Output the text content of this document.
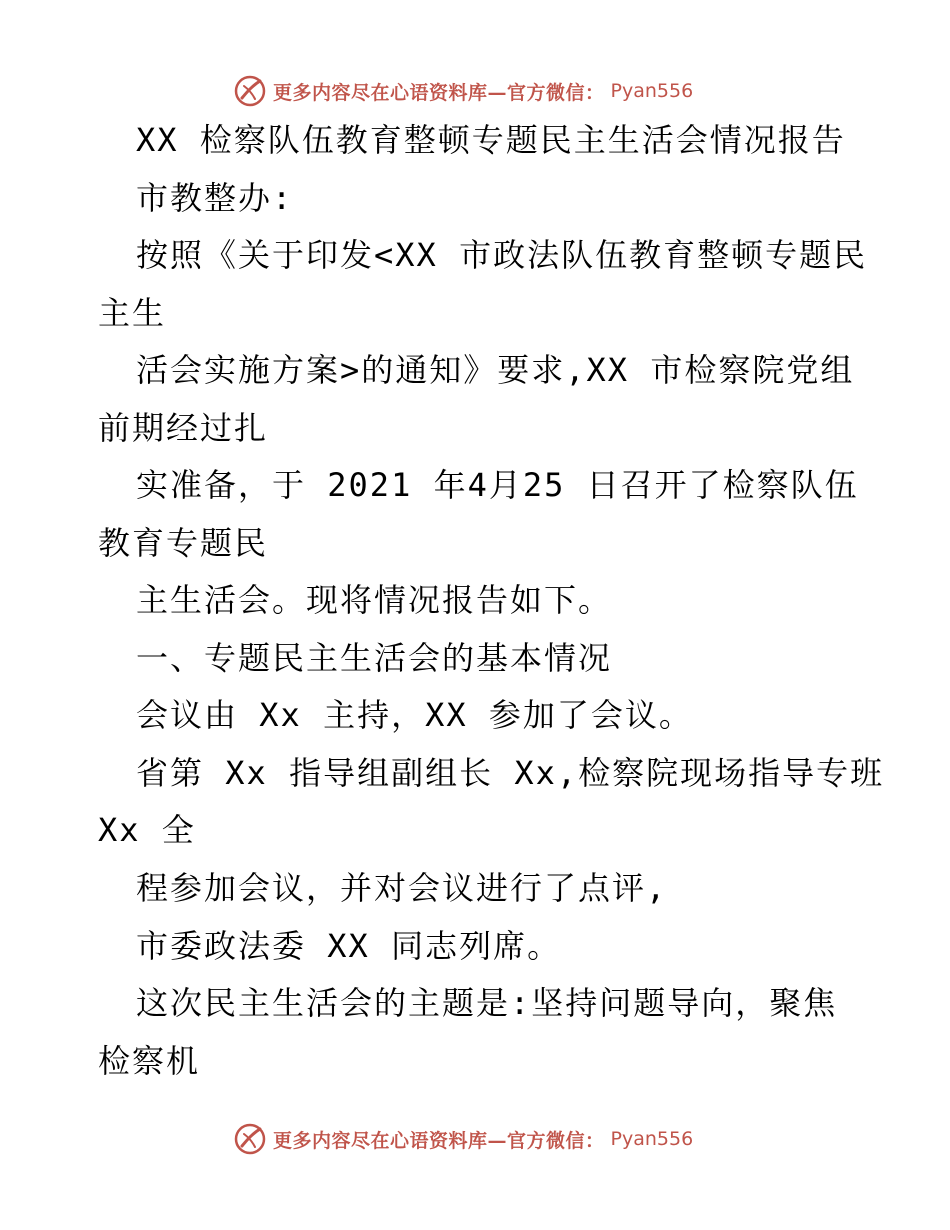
更多内容尽在心语资料库—官方微信： Pyan556
XX 检察队伍教育整顿专题民主生活会情况报告
市教整办:
按照《关于印发<XX 市政法队伍教育整顿专题民
主生
活会实施方案>的通知》要求,XX 市检察院党组
前期经过扎
实准备，于 2021 年4月25 日召开了检察队伍
教育专题民
主生活会。现将情况报告如下。
一、专题民主生活会的基本情况
会议由 Xx 主持，XX 参加了会议。
省第 Xx 指导组副组长 Xx,检察院现场指导专班
Xx 全
程参加会议，并对会议进行了点评,
市委政法委 XX 同志列席。
这次民主生活会的主题是:坚持问题导向，聚焦
检察机
更多内容尽在心语资料库—官方微信： Pyan556
